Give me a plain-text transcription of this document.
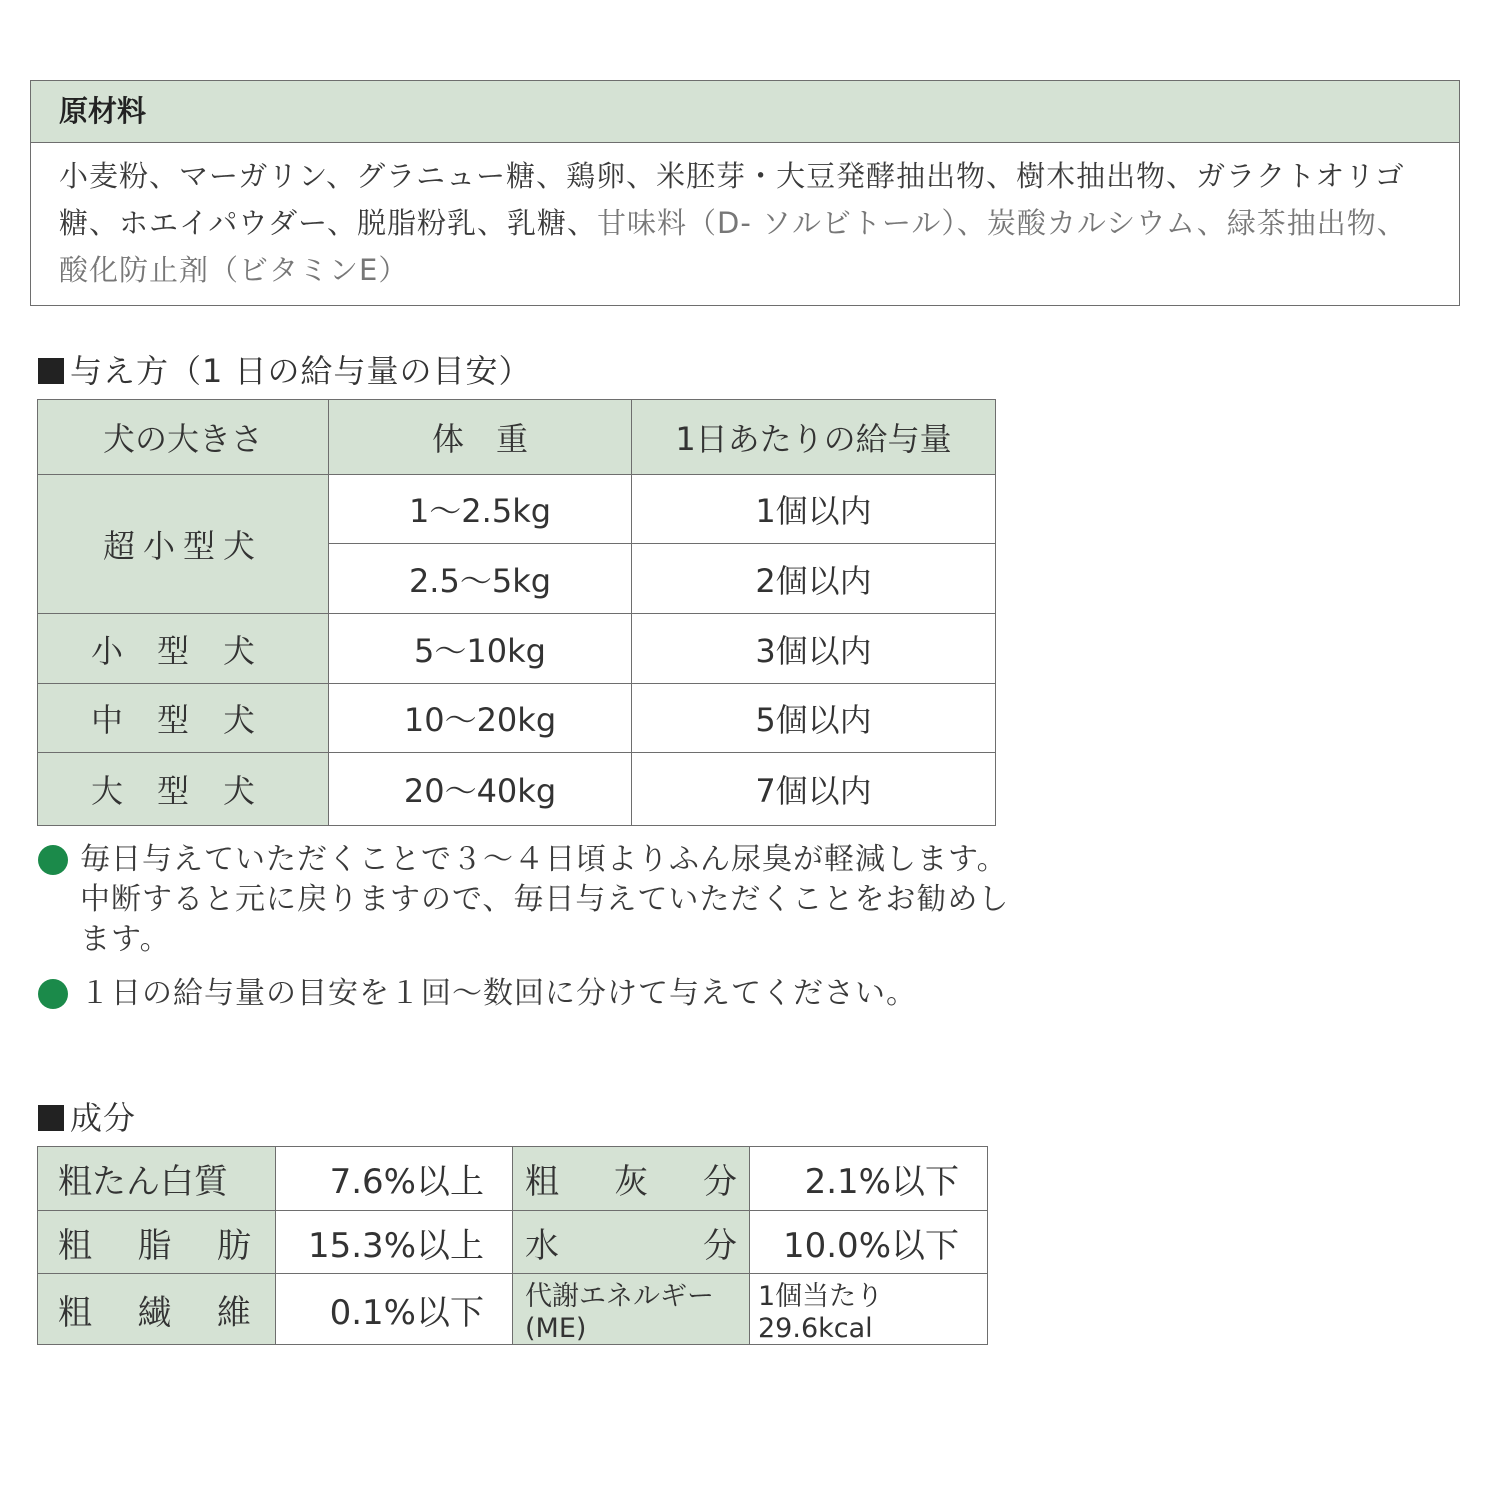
原材料
小麦粉、マーガリン、グラニュー糖、鶏卵、米胚芽・大豆発酵抽出物、樹木抽出物、ガラクトオリゴ糖、ホエイパウダー、脱脂粉乳、乳糖、甘味料（D- ソルビトール）、炭酸カルシウム、緑茶抽出物、酸化防止剤（ビタミンE）
与え方（1 日の給与量の目安）
犬の大きさ	体　重	1日あたりの給与量
超小型犬	1〜2.5kg	1個以内
	2.5〜5kg	2個以内
小型犬	5〜10kg	3個以内
中型犬	10〜20kg	5個以内
大型犬	20〜40kg	7個以内
毎日与えていただくことで３～４日頃よりふん尿臭が軽減します。中断すると元に戻りますので、毎日与えていただくことをお勧めします。
１日の給与量の目安を１回～数回に分けて与えてください。
成分
粗たん白質	7.6%以上	粗 灰 分	2.1%以下

粗 脂 肪	15.3%以上	水 分	10.0%以下

粗 繊 維	0.1%以下	代謝エネルギー(ME)	1個当たり 29.6kcal
